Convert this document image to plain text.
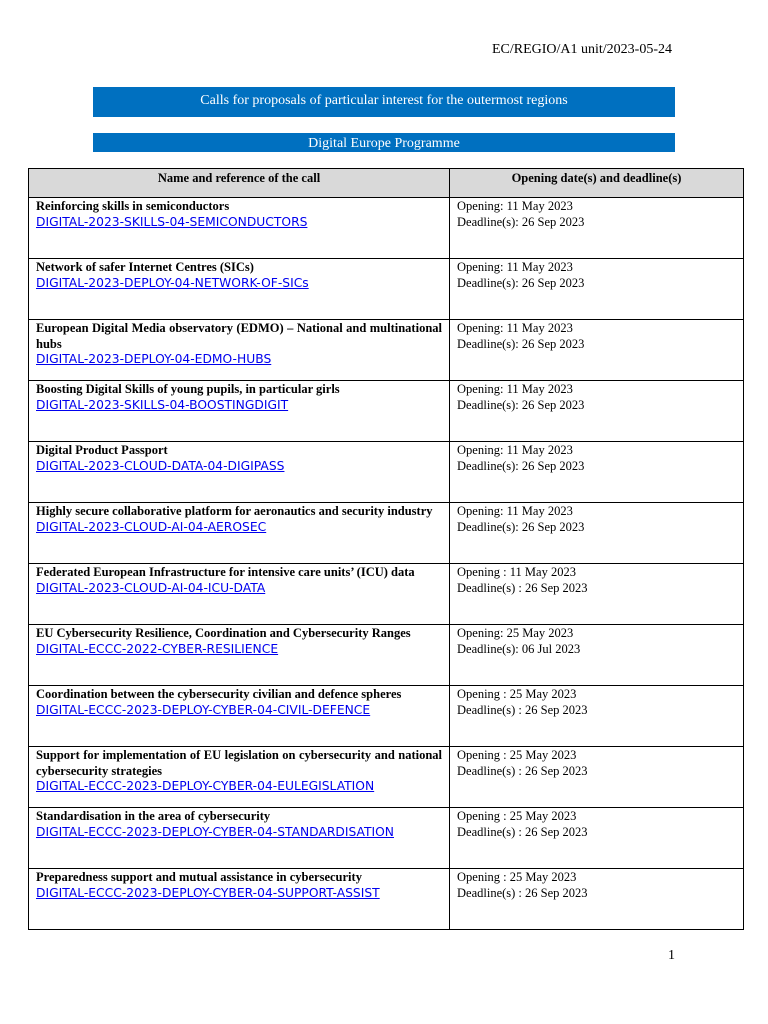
EC/REGIO/A1 unit/2023-05-24
Calls for proposals of particular interest for the outermost regions
Digital Europe Programme
Name and reference of the call	Opening date(s) and deadline(s)

Reinforcing skills in semiconductors
DIGITAL-2023-SKILLS-04-SEMICONDUCTORS	Opening: 11 May 2023
Deadline(s): 26 Sep 2023

Network of safer Internet Centres (SICs)
DIGITAL-2023-DEPLOY-04-NETWORK-OF-SICs	Opening: 11 May 2023
Deadline(s): 26 Sep 2023

European Digital Media observatory (EDMO) – National and multinational hubs
DIGITAL-2023-DEPLOY-04-EDMO-HUBS	Opening: 11 May 2023
Deadline(s): 26 Sep 2023

Boosting Digital Skills of young pupils, in particular girls
DIGITAL-2023-SKILLS-04-BOOSTINGDIGIT	Opening: 11 May 2023
Deadline(s): 26 Sep 2023

Digital Product Passport
DIGITAL-2023-CLOUD-DATA-04-DIGIPASS	Opening: 11 May 2023
Deadline(s): 26 Sep 2023

Highly secure collaborative platform for aeronautics and security industry
DIGITAL-2023-CLOUD-AI-04-AEROSEC	Opening: 11 May 2023
Deadline(s): 26 Sep 2023

Federated European Infrastructure for intensive care units’ (ICU) data
DIGITAL-2023-CLOUD-AI-04-ICU-DATA	Opening : 11 May 2023
Deadline(s) : 26 Sep 2023

EU Cybersecurity Resilience, Coordination and Cybersecurity Ranges
DIGITAL-ECCC-2022-CYBER-RESILIENCE	Opening: 25 May 2023
Deadline(s): 06 Jul 2023

Coordination between the cybersecurity civilian and defence spheres
DIGITAL-ECCC-2023-DEPLOY-CYBER-04-CIVIL-DEFENCE	Opening : 25 May 2023
Deadline(s) : 26 Sep 2023

Support for implementation of EU legislation on cybersecurity and national cybersecurity strategies
DIGITAL-ECCC-2023-DEPLOY-CYBER-04-EULEGISLATION	Opening : 25 May 2023
Deadline(s) : 26 Sep 2023

Standardisation in the area of cybersecurity
DIGITAL-ECCC-2023-DEPLOY-CYBER-04-STANDARDISATION	Opening : 25 May 2023
Deadline(s) : 26 Sep 2023

Preparedness support and mutual assistance in cybersecurity
DIGITAL-ECCC-2023-DEPLOY-CYBER-04-SUPPORT-ASSIST	Opening : 25 May 2023
Deadline(s) : 26 Sep 2023
1
